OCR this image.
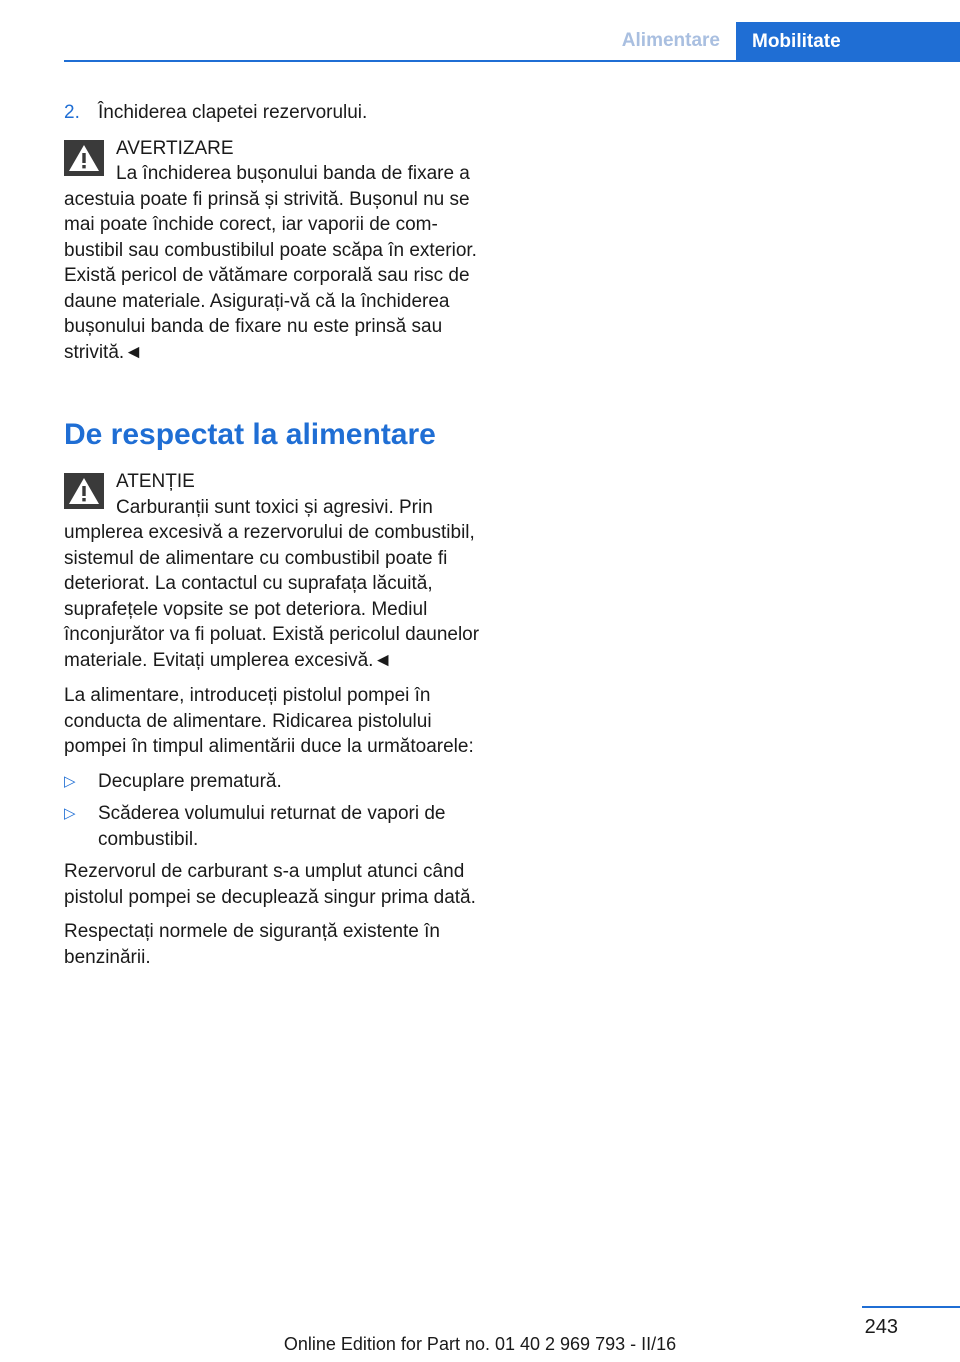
Alimentare	Mobilitate
2. Închiderea clapetei rezervorului.

AVERTIZARE

La închiderea bușonului banda de fixare a acestuia poate fi prinsă și strivită. Bușonul nu se mai poate închide corect, iar vaporii de combustibil sau combustibilul poate scăpa în exterior. Există pericol de vătămare corporală sau risc de daune materiale. Asigurați-vă că la închiderea bușonului banda de fixare nu este prinsă sau strivită.◄

De respectat la alimentare

ATENȚIE

Carburanții sunt toxici și agresivi. Prin umplerea excesivă a rezervorului de combustibil, sistemul de alimentare cu combustibil poate fi deteriorat. La contactul cu suprafața lăcuită, suprafețele vopsite se pot deteriora. Mediul înconjurător va fi poluat. Există pericolul daunelor materiale. Evitați umplerea excesivă.◄

La alimentare, introduceți pistolul pompei în conducta de alimentare. Ridicarea pistolului pompei în timpul alimentării duce la următoarele:

▷	Decuplare prematură.
▷	Scăderea volumului returnat de vapori de combustibil.

Rezervorul de carburant s-a umplut atunci când pistolul pompei se decuplează singur prima dată.

Respectați normele de siguranță existente în benzinării.

243
Online Edition for Part no. 01 40 2 969 793 - II/16
